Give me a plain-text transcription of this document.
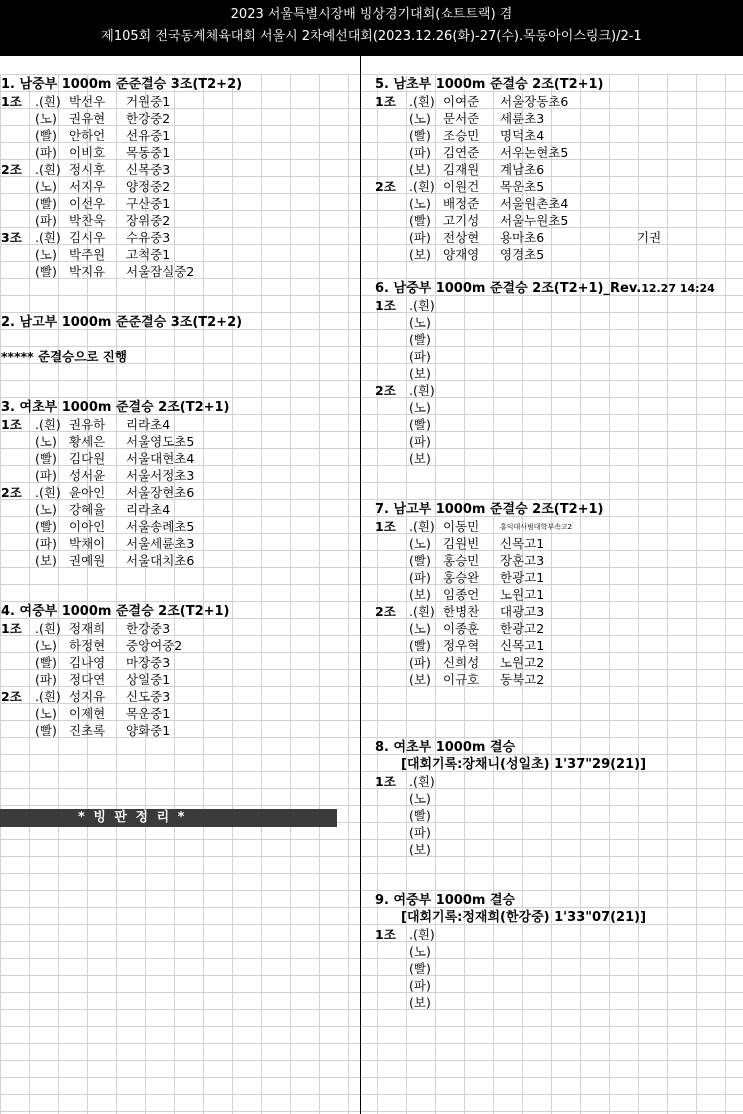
2023 서울특별시장배 빙상경기대회(쇼트트랙) 겸
제105회 전국동계체육대회 서울시 2차예선대회(2023.12.26(화)-27(수).목동아이스링크)/2-1
1. 남중부 1000m 준준결승 3조(T2+2)
1조 .(흰) 박선우 거원중1
(노) 권유현 한강중2
(빨) 안하언 선유중1
(파) 이비호 목동중1
2조 .(흰) 정시후 신목중3
(노) 서지우 양정중2
(빨) 이선우 구산중1
(파) 박찬욱 장위중2
3조 .(흰) 김시우 수유중3
(노) 박주원 고척중1
(빨) 박지유 서울잠실중2
2. 남고부 1000m 준준결승 3조(T2+2)
***** 준결승으로 진행
3. 여초부 1000m 준결승 2조(T2+1)
1조 .(흰) 권유하 리라초4
(노) 황세은 서울영도초5
(빨) 김다원 서울대현초4
(파) 성서윤 서울서정초3
2조 .(흰) 윤아인 서울장현초6
(노) 강혜율 리라초4
(빨) 이아인 서울송례초5
(파) 박채이 서울세륜초3
(보) 권예원 서울대치초6
4. 여중부 1000m 준결승 2조(T2+1)
1조 .(흰) 정재희 한강중3
(노) 하정현 중앙여중2
(빨) 김나영 마장중3
(파) 정다연 상일중1
2조 .(흰) 성지유 신도중3
(노) 이제현 목운중1
(빨) 진초록 양화중1
5. 남초부 1000m 준결승 2조(T2+1)
1조 .(흰) 이여준 서울장동초6
(노) 문서준 세륜초3
(빨) 조승민 명덕초4
(파) 김연준 서우논현초5
(보) 김재원 계남초6
2조 .(흰) 이원건 목운초5
(노) 배정준 서울원촌초4
(빨) 고기성 서울누원초5
(파) 전상현 용마초6	기권
(보) 양재영 영경초5
6. 남중부 1000m 준결승 2조(T2+1)_Rev.12.27 14:24
1조 .(흰)
(노)
(빨)
(파)
(보)
2조 .(흰)
(노)
(빨)
(파)
(보)
7. 남고부 1000m 준결승 2조(T2+1)
1조 .(흰) 이동민	홍익대사범대학부속고2
(노) 김원빈 신목고1
(빨) 홍승민 장훈고3
(파) 홍승완 한광고1
(보) 임종언 노원고1
2조 .(흰) 한병찬 대광고3
(노) 이종훈 한광고2
(빨) 정우혁 신목고1
(파) 신희성 노원고2
(보) 이규호 동북고2
8. 여초부 1000m 결승
[대회기록:장채니(성일초) 1'37"29(21)]
1조 .(흰)
(노)
(빨)
(파)
(보)
9. 여중부 1000m 결승
[대회기록:정재희(한강중) 1'33"07(21)]
1조 .(흰)
(노)
(빨)
(파)
(보)
* 빙 판 정 리 *
